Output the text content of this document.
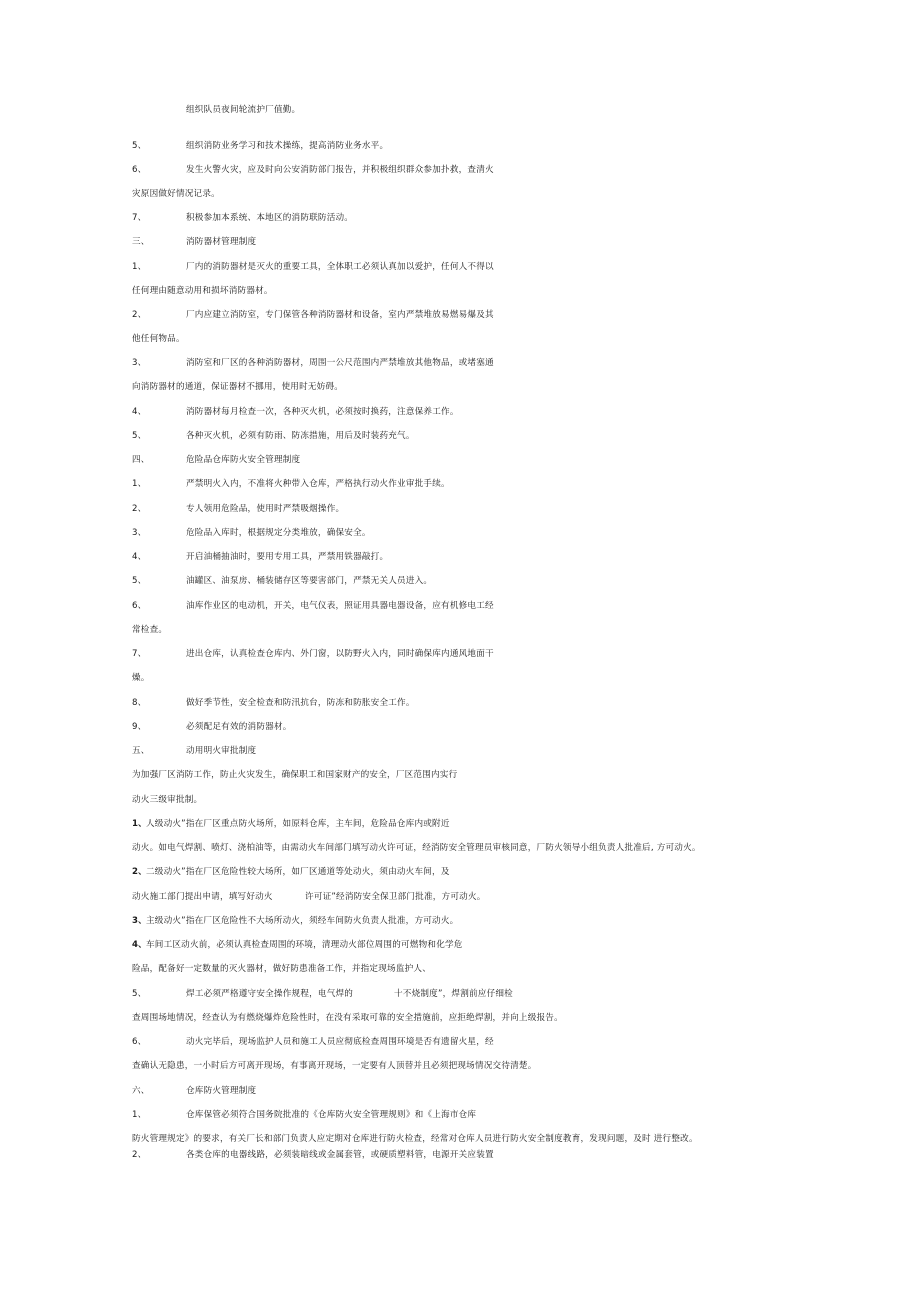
组织队员夜间轮流护厂值勤。
5、	组织消防业务学习和技术操练，提高消防业务水平。
6、	发生火警火灾，应及时向公安消防部门报告，并积极组织群众参加扑救，查清火
灾原因做好情况记录。
7、	积极参加本系统、本地区的消防联防活动。
三、	消防器材管理制度
1、	厂内的消防器材是灭火的重要工具，全体职工必须认真加以爱护，任何人不得以
任何理由随意动用和损坏消防器材。
2、	厂内应建立消防室，专门保管各种消防器材和设备，室内严禁堆放易燃易爆及其
他任何物品。
3、	消防室和厂区的各种消防器材，周围一公尺范围内严禁堆放其他物品，或堵塞通
向消防器材的通道，保证器材不挪用，使用时无妨碍。
4、	消防器材每月检查一次，各种灭火机，必须按时换药，注意保养工作。
5、	各种灭火机，必须有防雨、防冻措施，用后及时装药充气。
四、	危险品仓库防火安全管理制度
1、	严禁明火入内，不准将火种带入仓库，严格执行动火作业审批手续。
2、	专人领用危险品，使用时严禁吸烟操作。
3、	危险品入库时，根据规定分类堆放，确保安全。
4、	开启油桶抽油时，要用专用工具，严禁用铁器敲打。
5、	油罐区、油泵房、桶装储存区等要害部门，严禁无关人员进入。
6、	油库作业区的电动机，开关，电气仪表，照证用具器电器设备，应有机修电工经
常检查。
7、	进出仓库，认真检查仓库内、外门窗，以防野火入内，同时确保库内通风地面干
燥。
8、	做好季节性，安全检查和防汛抗台，防冻和防胀安全工作。
9、	必须配足有效的消防器材。
五、	动用明火审批制度
为加强厂区消防工作，防止火灾发生，确保职工和国家财产的安全，厂区范围内实行
动火三级审批制。
1、 人级动火”指在厂区重点防火场所，如原料仓库，主车间，危险品仓库内或附近
动火。如电气焊割、喷灯、浇柏油等，由需动火车间部门填写动火许可证，经消防安全管理员审核同意，厂防火领导小组负责人批准后, 方可动火。
2、 二级动火”指在厂区危险性较大场所，如厂区通道等处动火，须由动火车间，及
动火施工部门提出申请，填写好动火	许可证”经消防安全保卫部门批准，方可动火。
3、 主级动火”指在厂区危险性不大场所动火，须经车间防火负责人批准，方可动火。
4、 车间工区动火前，必须认真检查周围的环境，清理动火部位周围的可燃物和化学危
险品，配备好一定数量的灭火器材，做好防患准备工作，并指定现场监护人、
5、	焊工必须严格遵守安全操作规程，电气焊的	十不烧制度”，焊割前应仔细检
查周围场地情况，经查认为有燃烧爆炸危险性时，在没有采取可靠的安全措施前，应拒绝焊割，并向上级报告。
6、	动火完毕后，现场监护人员和施工人员应彻底检查周围环境是否有遗留火星，经
查确认无隐患，一小时后方可离开现场，有事离开现场，一定要有人顶替并且必须把现场情况交待清楚。
六、	仓库防火管理制度
1、	仓库保管必须符合国务院批准的《仓库防火安全管理规则》和《上海市仓库
防火管理规定》的要求，有关厂长和部门负责人应定期对仓库进行防火检查，经常对仓库人员进行防火安全制度教育，发现问题，及时 进行整改。
2、	各类仓库的电器线路，必须装暗线或金属套管，或硬质塑料管，电源开关应装置
